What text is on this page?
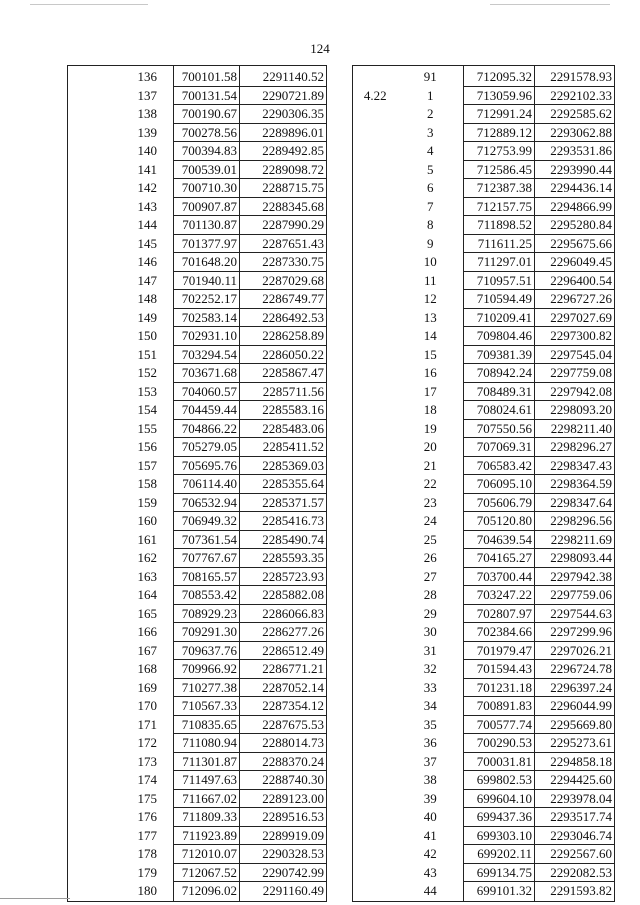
124
	136	700101.58	2291140.52
	137	700131.54	2290721.89
	138	700190.67	2290306.35
	139	700278.56	2289896.01
	140	700394.83	2289492.85
	141	700539.01	2289098.72
	142	700710.30	2288715.75
	143	700907.87	2288345.68
	144	701130.87	2287990.29
	145	701377.97	2287651.43
	146	701648.20	2287330.75
	147	701940.11	2287029.68
	148	702252.17	2286749.77
	149	702583.14	2286492.53
	150	702931.10	2286258.89
	151	703294.54	2286050.22
	152	703671.68	2285867.47
	153	704060.57	2285711.56
	154	704459.44	2285583.16
	155	704866.22	2285483.06
	156	705279.05	2285411.52
	157	705695.76	2285369.03
	158	706114.40	2285355.64
	159	706532.94	2285371.57
	160	706949.32	2285416.73
	161	707361.54	2285490.74
	162	707767.67	2285593.35
	163	708165.57	2285723.93
	164	708553.42	2285882.08
	165	708929.23	2286066.83
	166	709291.30	2286277.26
	167	709637.76	2286512.49
	168	709966.92	2286771.21
	169	710277.38	2287052.14
	170	710567.33	2287354.12
	171	710835.65	2287675.53
	172	711080.94	2288014.73
	173	711301.87	2288370.24
	174	711497.63	2288740.30
	175	711667.02	2289123.00
	176	711809.33	2289516.53
	177	711923.89	2289919.09
	178	712010.07	2290328.53
	179	712067.52	2290742.99
	180	712096.02	2291160.49
	91	712095.32	2291578.93
4.22	1	713059.96	2292102.33
	2	712991.24	2292585.62
	3	712889.12	2293062.88
	4	712753.99	2293531.86
	5	712586.45	2293990.44
	6	712387.38	2294436.14
	7	712157.75	2294866.99
	8	711898.52	2295280.84
	9	711611.25	2295675.66
	10	711297.01	2296049.45
	11	710957.51	2296400.54
	12	710594.49	2296727.26
	13	710209.41	2297027.69
	14	709804.46	2297300.82
	15	709381.39	2297545.04
	16	708942.24	2297759.08
	17	708489.31	2297942.08
	18	708024.61	2298093.20
	19	707550.56	2298211.40
	20	707069.31	2298296.27
	21	706583.42	2298347.43
	22	706095.10	2298364.59
	23	705606.79	2298347.64
	24	705120.80	2298296.56
	25	704639.54	2298211.69
	26	704165.27	2298093.44
	27	703700.44	2297942.38
	28	703247.22	2297759.06
	29	702807.97	2297544.63
	30	702384.66	2297299.96
	31	701979.47	2297026.21
	32	701594.43	2296724.78
	33	701231.18	2296397.24
	34	700891.83	2296044.99
	35	700577.74	2295669.80
	36	700290.53	2295273.61
	37	700031.81	2294858.18
	38	699802.53	2294425.60
	39	699604.10	2293978.04
	40	699437.36	2293517.74
	41	699303.10	2293046.74
	42	699202.11	2292567.60
	43	699134.75	2292082.53
	44	699101.32	2291593.82
